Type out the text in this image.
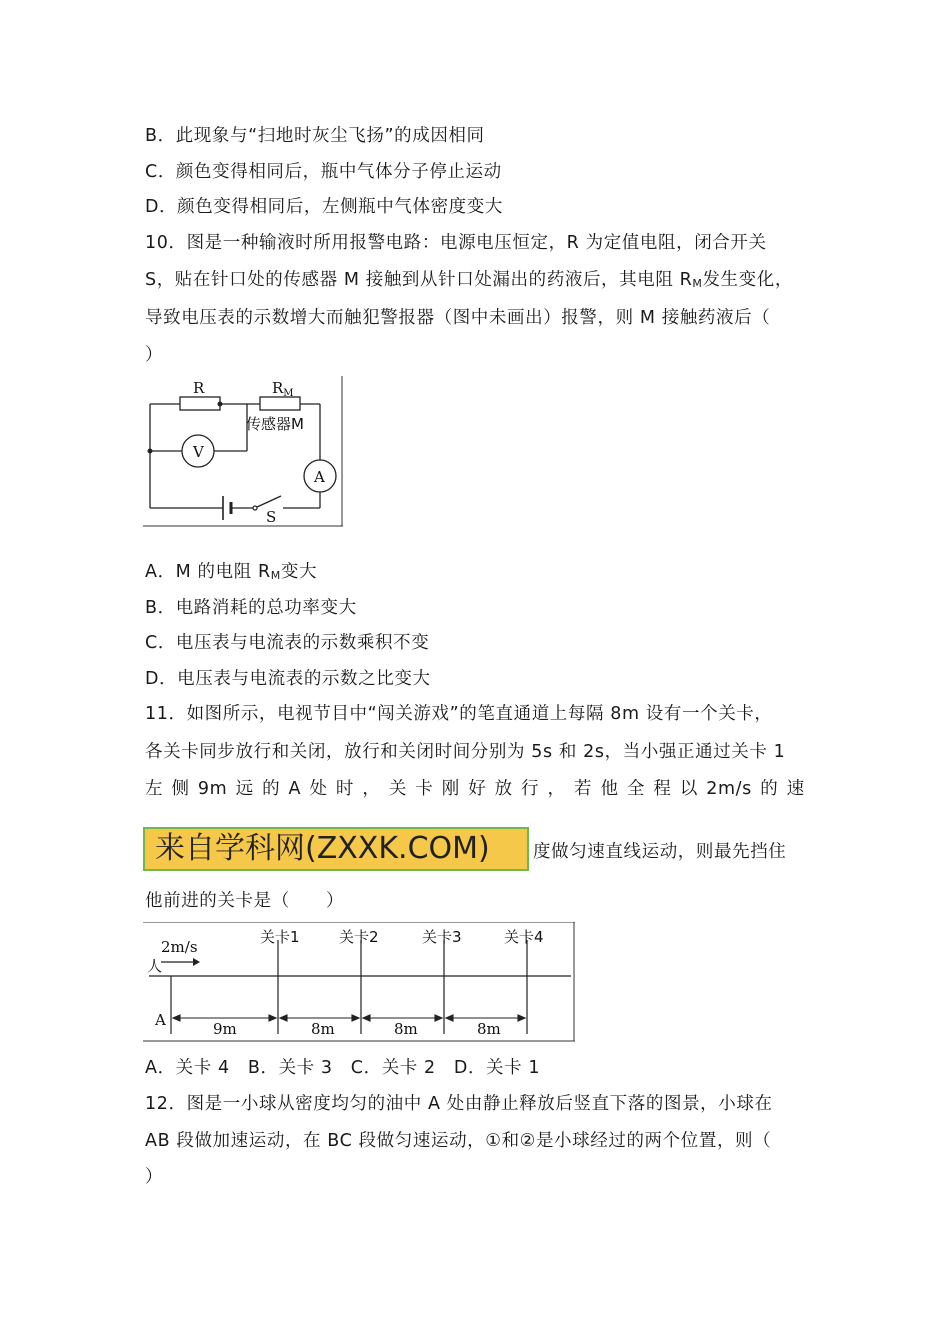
B．此现象与“扫地时灰尘飞扬”的成因相同
C．颜色变得相同后，瓶中气体分子停止运动
D．颜色变得相同后，左侧瓶中气体密度变大
10．图是一种输液时所用报警电路：电源电压恒定，R 为定值电阻，闭合开关
S，贴在针口处的传感器 M 接触到从针口处漏出的药液后，其电阻 RM发生变化，
导致电压表的示数增大而触犯警报器（图中未画出）报警，则 M 接触药液后（
）
R	$R_M$
传感器M
V
A
S
A．M 的电阻 RM变大
B．电路消耗的总功率变大
C．电压表与电流表的示数乘积不变
D．电压表与电流表的示数之比变大
11．如图所示，电视节目中“闯关游戏”的笔直通道上每隔 8m 设有一个关卡，
各关卡同步放行和关闭，放行和关闭时间分别为 5s 和 2s，当小强正通过关卡 1
左 侧 9m 远 的 A 处 时 ， 关 卡 刚 好 放 行 ， 若 他 全 程 以 2m/s 的 速
来自学科网(ZXXK.COM)	度做匀速直线运动，则最先挡住
他前进的关卡是（　　）
2m/s
人
A
关卡1	关卡2	关卡3	关卡4
9m	8m	8m	8m
A．关卡 4　B．关卡 3　C．关卡 2　D．关卡 1
12．图是一小球从密度均匀的油中 A 处由静止释放后竖直下落的图景，小球在
AB 段做加速运动，在 BC 段做匀速运动，①和②是小球经过的两个位置，则（
）
